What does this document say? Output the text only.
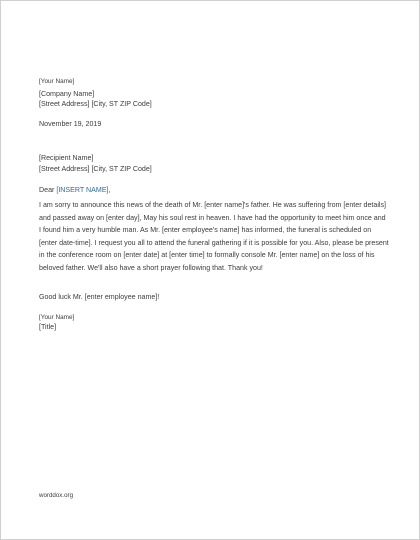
[Your Name]
[Company Name]
[Street Address] [City, ST ZIP Code]
November 19, 2019
[Recipient Name]
[Street Address] [City, ST ZIP Code]
Dear [INSERT NAME],

I am sorry to announce this news of the death of Mr. [enter name]'s father. He was suffering from [enter details] and passed away on [enter day], May his soul rest in heaven. I have had the opportunity to meet him once and I found him a very humble man. As Mr. [enter employee's name] has informed, the funeral is scheduled on [enter date-time]. I request you all to attend the funeral gathering if it is possible for you. Also, please be present in the conference room on [enter date] at [enter time] to formally console Mr. [enter name] on the loss of his beloved father. We'll also have a short prayer following that. Thank you!

Good luck Mr. [enter employee name]!
[Your Name]
[Title]
worddox.org
